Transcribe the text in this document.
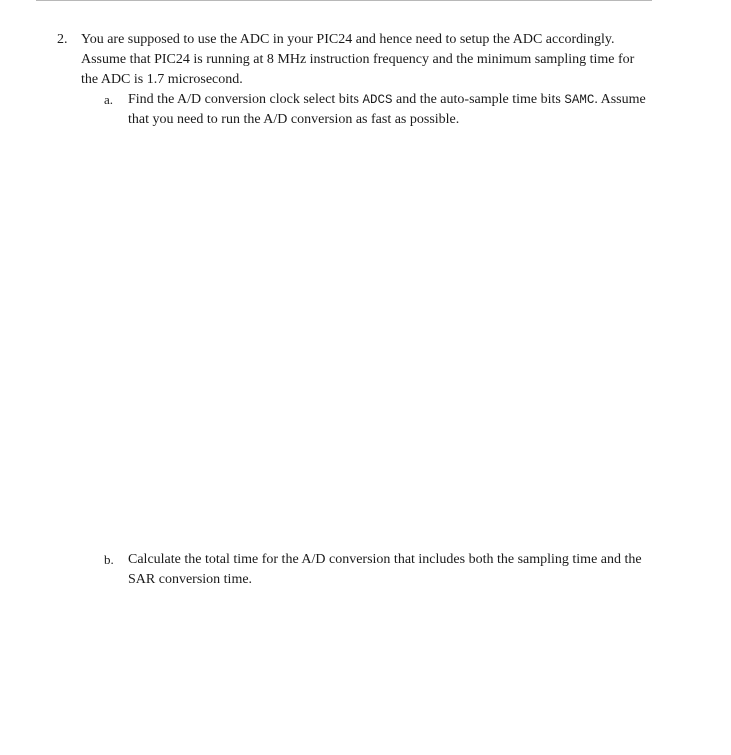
2. You are supposed to use the ADC in your PIC24 and hence need to setup the ADC accordingly. Assume that PIC24 is running at 8 MHz instruction frequency and the minimum sampling time for the ADC is 1.7 microsecond.
a. Find the A/D conversion clock select bits ADCS and the auto-sample time bits SAMC. Assume that you need to run the A/D conversion as fast as possible.
b. Calculate the total time for the A/D conversion that includes both the sampling time and the SAR conversion time.
